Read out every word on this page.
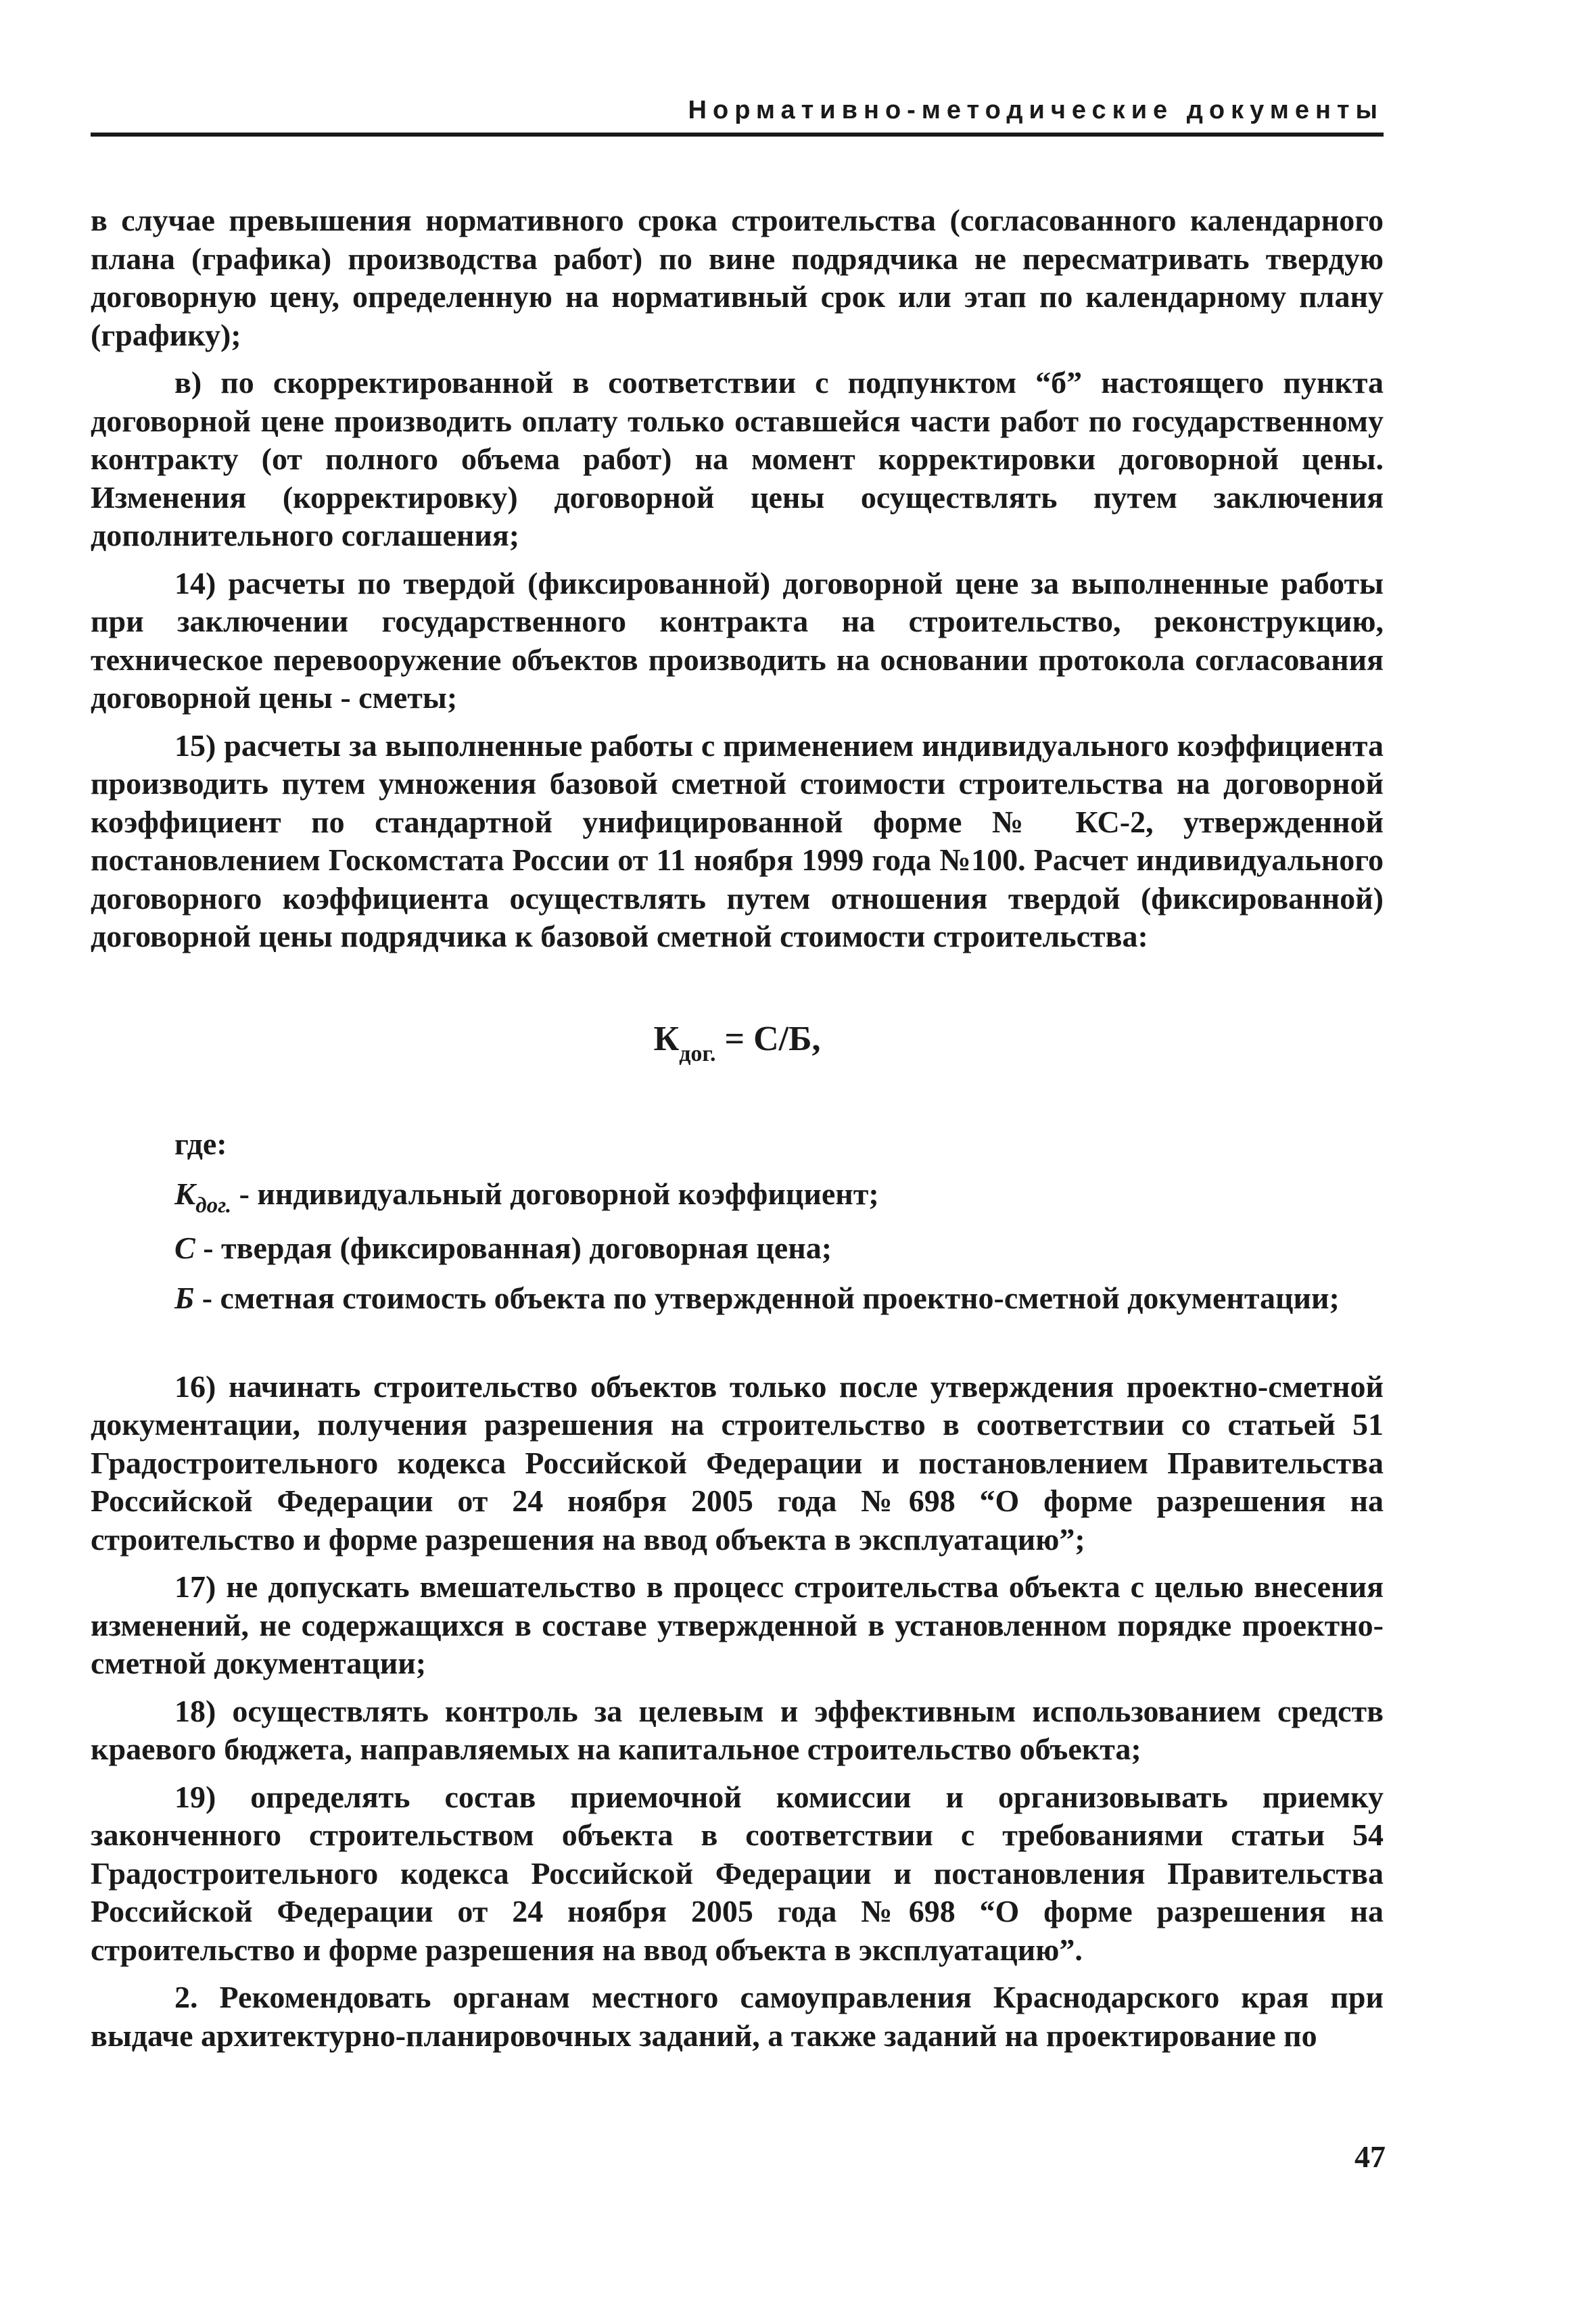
Нормативно-методические документы

в случае превышения нормативного срока строительства (согласованного календарного плана (графика) производства работ) по вине подрядчика не пересматривать твердую договорную цену, определенную на нормативный срок или этап по календарному плану (графику);

в) по скорректированной в соответствии с подпунктом “б” настоящего пункта договорной цене производить оплату только оставшейся части работ по государственному контракту (от полного объема работ) на момент корректировки договорной цены. Изменения (корректировку) договорной цены осуществлять путем заключения дополнительного соглашения;

14) расчеты по твердой (фиксированной) договорной цене за выполненные работы при заключении государственного контракта на строительство, реконструкцию, техническое перевооружение объектов производить на основании протокола согласования договорной цены - сметы;

15) расчеты за выполненные работы с применением индивидуального коэффициента производить путем умножения базовой сметной стоимости строительства на договорной коэффициент по стандартной унифицированной форме № КС-2, утвержденной постановлением Госкомстата России от 11 ноября 1999 года №100. Расчет индивидуального договорного коэффициента осуществлять путем отношения твердой (фиксированной) договорной цены подрядчика к базовой сметной стоимости строительства:

$К_{дог.} = С/Б$,

где:

$К_{дог.}$ - индивидуальный договорной коэффициент;

С - твердая (фиксированная) договорная цена;

Б - сметная стоимость объекта по утвержденной проектно-сметной документации;

16) начинать строительство объектов только после утверждения проектно-сметной документации, получения разрешения на строительство в соответствии со статьей 51 Градостроительного кодекса Российской Федерации и постановлением Правительства Российской Федерации от 24 ноября 2005 года №698 “О форме разрешения на строительство и форме разрешения на ввод объекта в эксплуатацию”;

17) не допускать вмешательство в процесс строительства объекта с целью внесения изменений, не содержащихся в составе утвержденной в установленном порядке проектно-сметной документации;

18) осуществлять контроль за целевым и эффективным использованием средств краевого бюджета, направляемых на капитальное строительство объекта;

19) определять состав приемочной комиссии и организовывать приемку законченного строительством объекта в соответствии с требованиями статьи 54 Градостроительного кодекса Российской Федерации и постановления Правительства Российской Федерации от 24 ноября 2005 года №698 “О форме разрешения на строительство и форме разрешения на ввод объекта в эксплуатацию”.

2. Рекомендовать органам местного самоуправления Краснодарского края при выдаче архитектурно-планировочных заданий, а также заданий на проектирование по

47
